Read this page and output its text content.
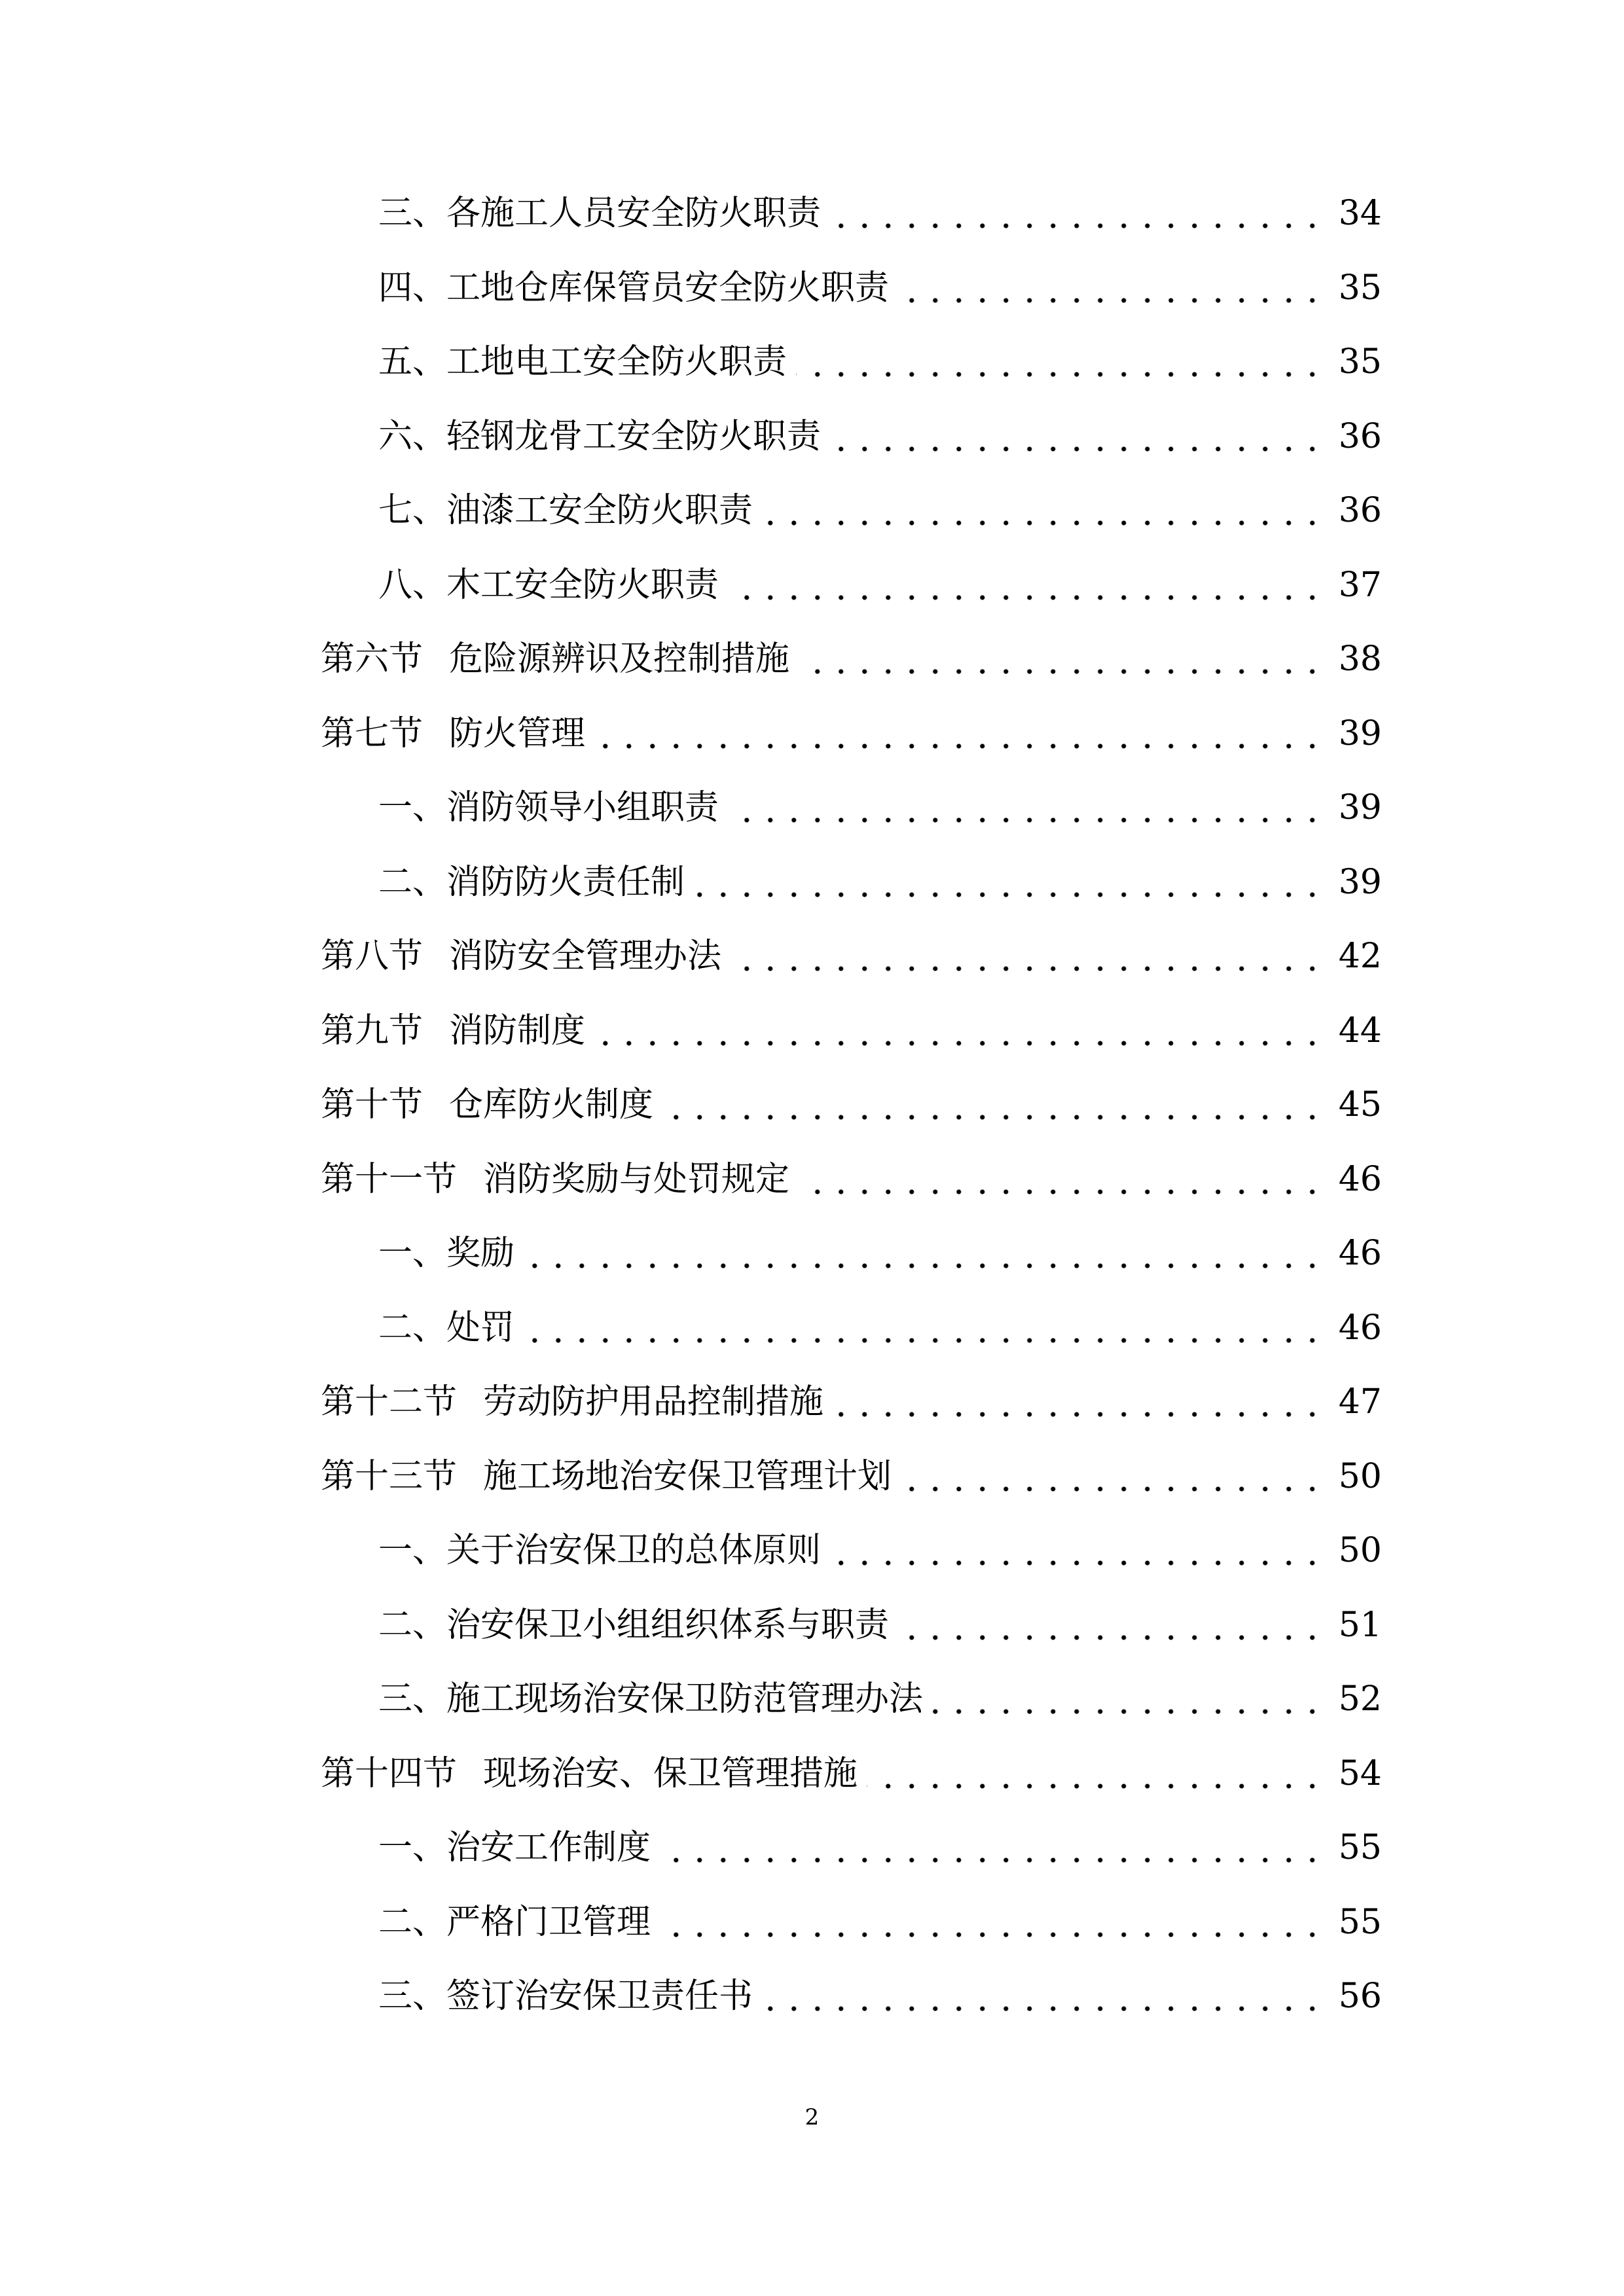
三、各施工人员安全防火职责	34
四、工地仓库保管员安全防火职责	35
五、工地电工安全防火职责	35
六、轻钢龙骨工安全防火职责	36
七、油漆工安全防火职责	36
八、木工安全防火职责	37
第六节 危险源辨识及控制措施	38
第七节 防火管理	39
一、消防领导小组职责	39
二、消防防火责任制	39
第八节 消防安全管理办法	42
第九节 消防制度	44
第十节 仓库防火制度	45
第十一节 消防奖励与处罚规定	46
一、奖励	46
二、处罚	46
第十二节 劳动防护用品控制措施	47
第十三节 施工场地治安保卫管理计划	50
一、关于治安保卫的总体原则	50
二、治安保卫小组组织体系与职责	51
三、施工现场治安保卫防范管理办法	52
第十四节 现场治安、保卫管理措施	54
一、治安工作制度	55
二、严格门卫管理	55
三、签订治安保卫责任书	56
2
